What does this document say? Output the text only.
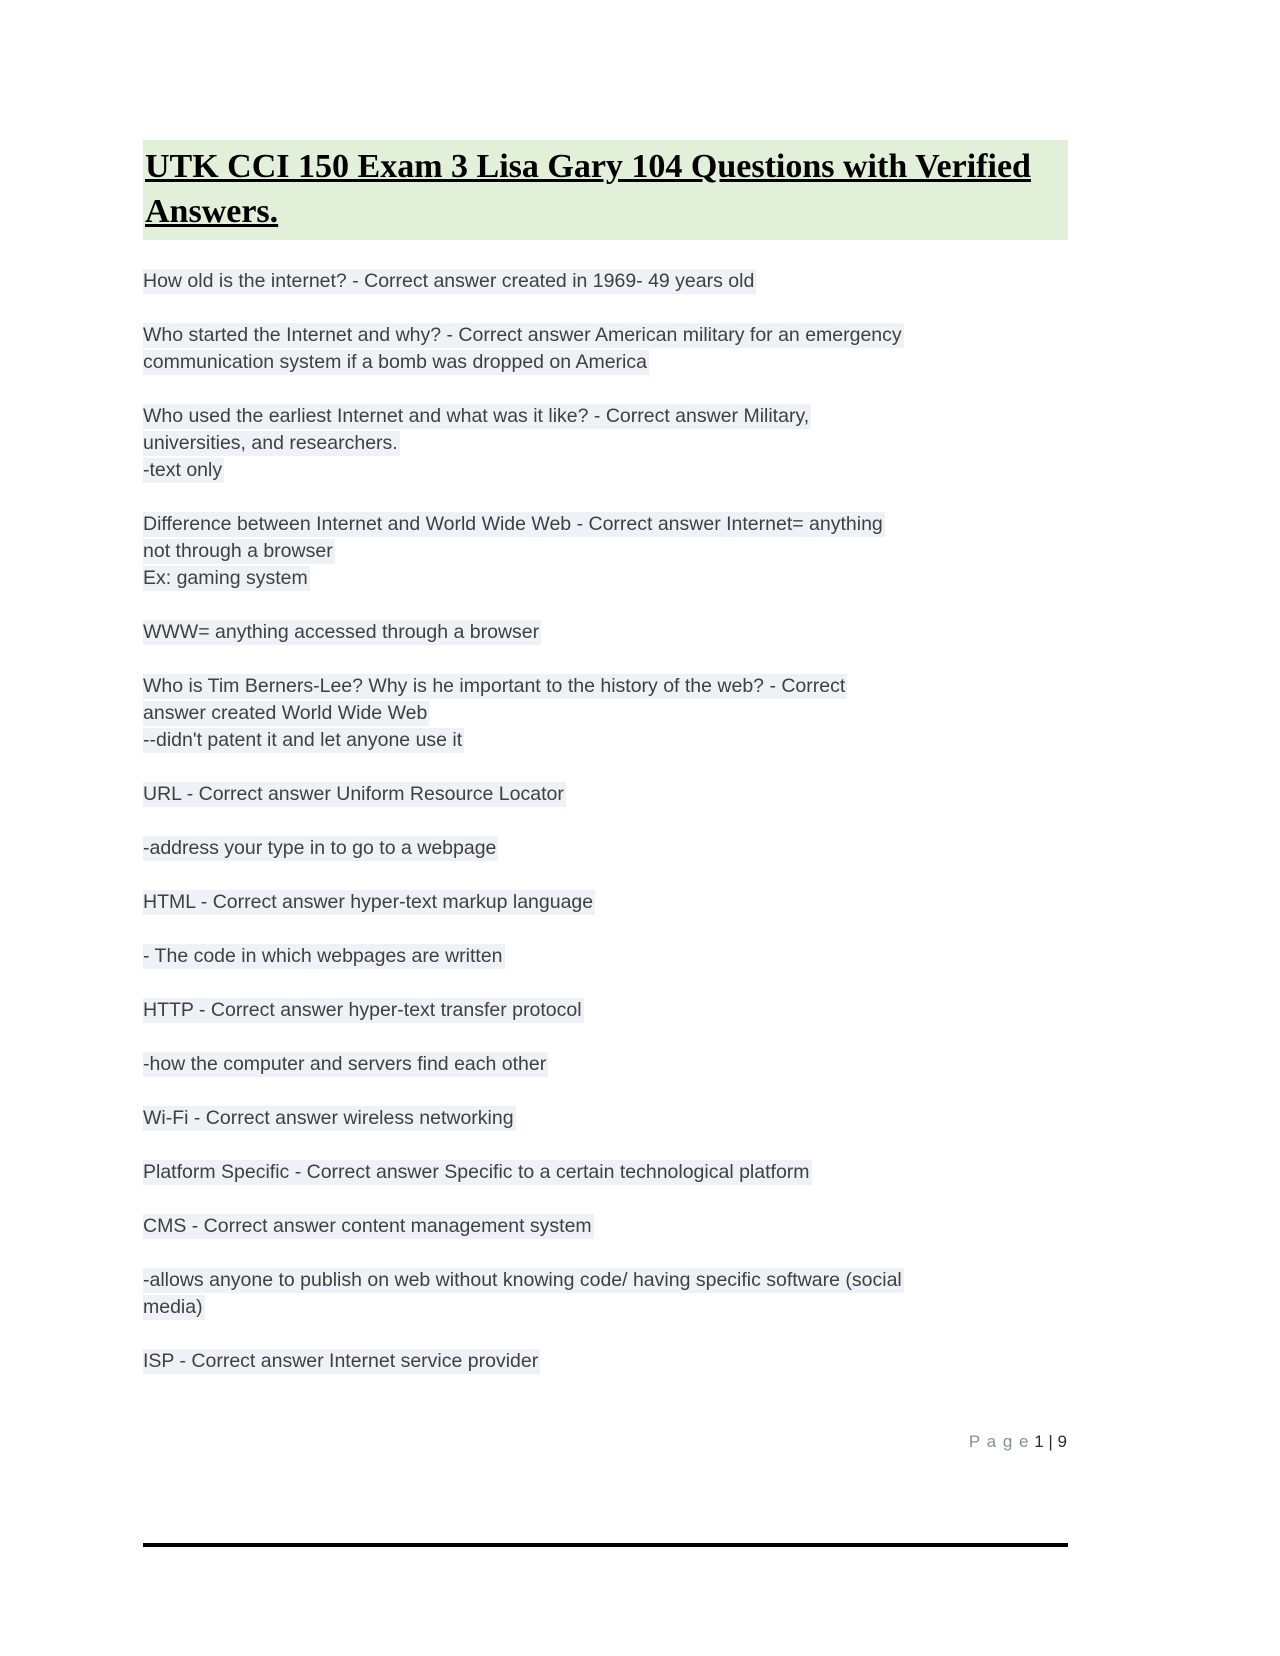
UTK CCI 150 Exam 3 Lisa Gary 104 Questions with Verified Answers.

How old is the internet? - Correct answer created in 1969- 49 years old

Who started the Internet and why? - Correct answer American military for an emergency
communication system if a bomb was dropped on America

Who used the earliest Internet and what was it like? - Correct answer Military,
universities, and researchers.
-text only

Difference between Internet and World Wide Web - Correct answer Internet= anything
not through a browser
Ex: gaming system

WWW= anything accessed through a browser

Who is Tim Berners-Lee? Why is he important to the history of the web? - Correct
answer created World Wide Web
--didn't patent it and let anyone use it

URL - Correct answer Uniform Resource Locator

-address your type in to go to a webpage

HTML - Correct answer hyper-text markup language

- The code in which webpages are written

HTTP - Correct answer hyper-text transfer protocol

-how the computer and servers find each other

Wi-Fi - Correct answer wireless networking

Platform Specific - Correct answer Specific to a certain technological platform

CMS - Correct answer content management system

-allows anyone to publish on web without knowing code/ having specific software (social
media)

ISP - Correct answer Internet service provider

P a g e 1 | 9
